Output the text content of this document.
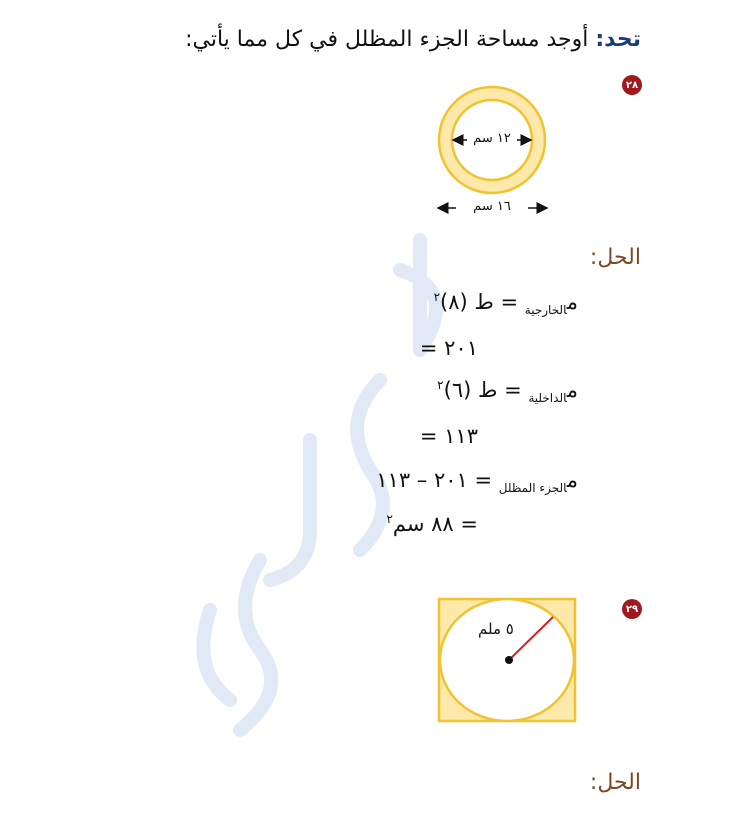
تحد: أوجد مساحة الجزء المظلل في كل مما يأتي:
٢٨
١٢ سم
١٦ سم
الحل:
م$_{الخارجية}$ = ط (٨)$^٢$
= ٢٠١
م$_{الداخلية}$ = ط (٦)$^٢$
= ١١٣
م$_{الجزء المظلل}$ = ٢٠١ – ١١٣
= ٨٨ سم$^٢$
٢٩
٥ ملم
الحل:
